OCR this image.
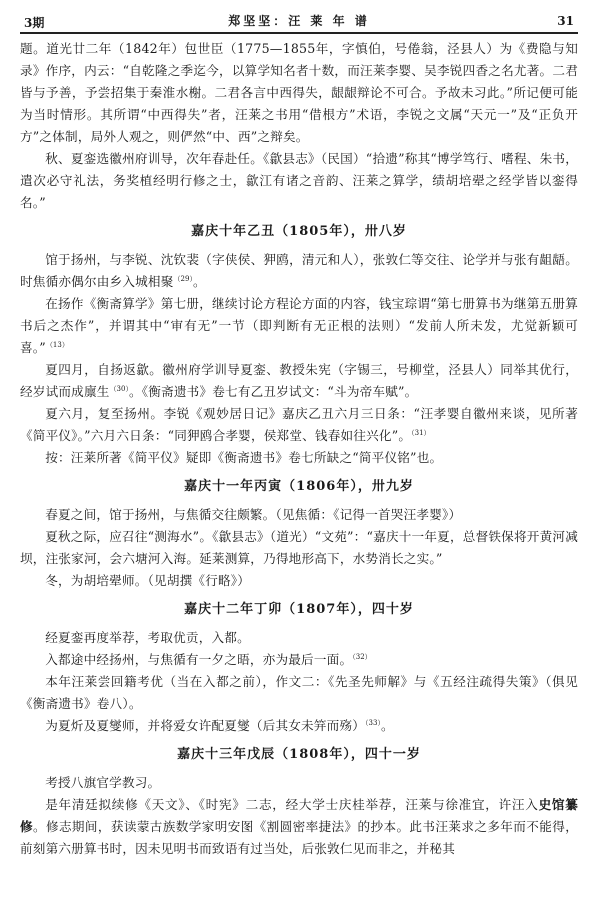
3期	郑坚坚：汪 莱 年 谱	31

题。道光廿二年（1842年）包世臣（1775—1855年，字慎伯，号倦翁，泾县人）为《费隐与知录》作序，内云：“自乾隆之季迄今，以算学知名者十数，而汪莱李婴、吴李锐四香之名尤著。二君皆与予善，予尝招集于秦淮水榭。二君各言中西得失，龈龈辩论不可合。予故未习此。”所记便可能为当时情形。其所谓“中西得失”者，汪莱之书用“借根方”术语，李锐之文属“天元一”及“正负开方”之体制，局外人观之，则俨然“中、西”之辩矣。

秋、夏銮选徽州府训导，次年春赴任。《歙县志》（民国）“拾遗”称其“博学笃行、嗜程、朱书，遣次必守礼法，务奖植经明行修之士，歙江有诸之音韵、汪莱之算学，绩胡培翚之经学皆以銮得名。”

嘉庆十年乙丑（1805年），卅八岁

馆于扬州，与李锐、沈钦裴（字侠侯、狎鸥，清元和人），张敦仁等交往、论学并与张有龃龉。时焦循亦偶尔由乡入城相聚$^{(29)}$。

在扬作《衡斋算学》第七册，继续讨论方程论方面的内容，钱宝琮谓“第七册算书为继第五册算书后之杰作”，并谓其中“审有无”一节（即判断有无正根的法则）“发前人所未发，尤觉新颖可喜。”$^{(13)}$

夏四月，自扬返歙。徽州府学训导夏銮、教授朱宪（字锡三，号柳堂，泾县人）同举其优行，经岁试而成廪生$^{(30)}$。《衡斋遗书》卷七有乙丑岁试文：“斗为帝车赋”。

夏六月，复至扬州。李锐《观妙居日记》嘉庆乙丑六月三日条：“汪孝婴自徽州来谈，见所著《简平仪》。”六月六日条：“同狎鸥合孝婴，侯郑堂、钱春如往兴化”。$^{(31)}$

按：汪莱所著《简平仪》疑即《衡斋遗书》卷七所缺之“简平仪铭”也。

嘉庆十一年丙寅（1806年），卅九岁

春夏之间，馆于扬州，与焦循交往颇繁。（见焦循：《记得一首哭汪孝婴》）

夏秋之际，应召往“测海水”。《歙县志》（道光）“文苑”：“嘉庆十一年夏，总督铁保将开黄河减坝，注张家河，会六塘河入海。延莱测算，乃得地形高下，水势消长之实。”

冬，为胡培翚师。（见胡撰《行略》）

嘉庆十二年丁卯（1807年），四十岁

经夏銮再度举荐，考取优贡，入都。

入都途中经扬州，与焦循有一夕之晤，亦为最后一面。$^{(32)}$

本年汪莱尝回籍考优（当在入都之前），作文二：《先圣先师解》与《五经注疏得失策》（俱见《衡斋遗书》卷八）。

为夏炘及夏燮师，并将爱女许配夏燮（后其女未笄而殇）$^{(33)}$。

嘉庆十三年戊辰（1808年），四十一岁

考授八旗官学教习。

是年清廷拟续修《天文》、《时宪》二志，经大学士庆桂举荐，汪莱与徐准宜，许汪入史馆纂修。修志期间，获读蒙古族数学家明安图《割圆密率捷法》的抄本。此书汪莱求之多年而不能得，前刻第六册算书时，因未见明书而致语有过当处，后张敦仁见而非之，并秘其
